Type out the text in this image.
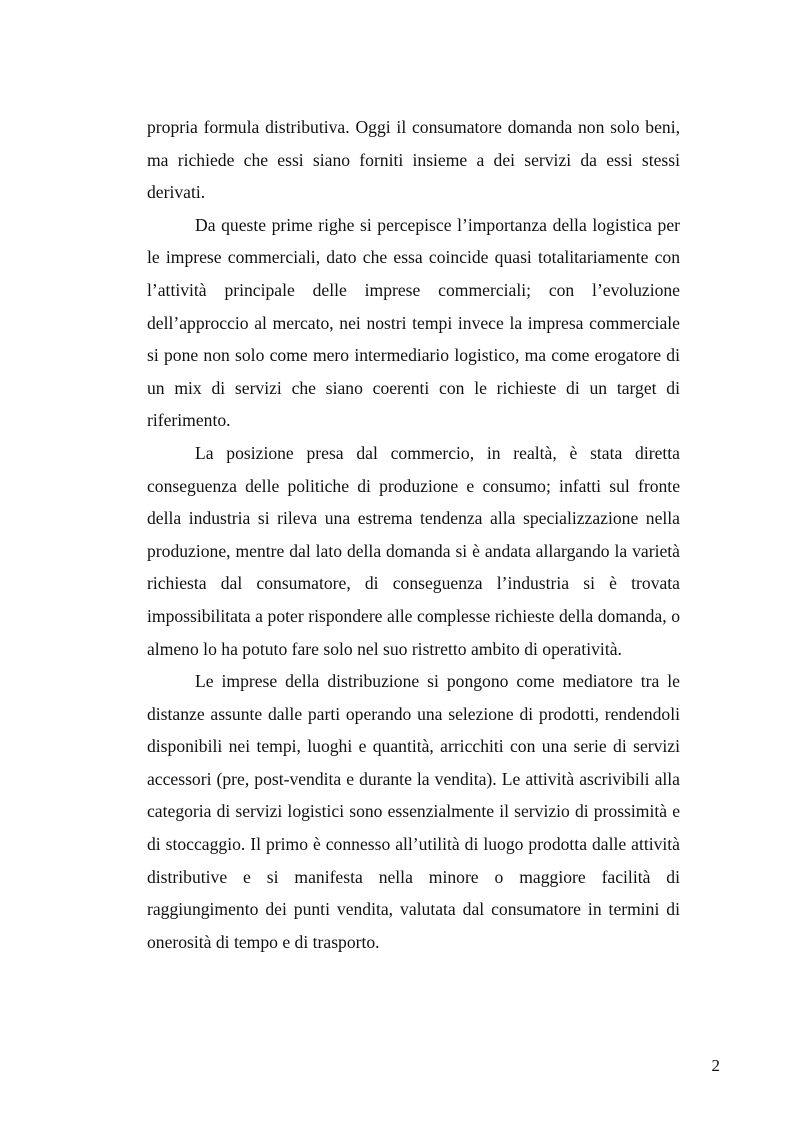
propria formula distributiva. Oggi il consumatore domanda non solo beni, ma richiede che essi siano forniti insieme a dei servizi da essi stessi derivati.

Da queste prime righe si percepisce l’importanza della logistica per le imprese commerciali, dato che essa coincide quasi totalitariamente con l’attività principale delle imprese commerciali; con l’evoluzione dell’approccio al mercato, nei nostri tempi invece la impresa commerciale si pone non solo come mero intermediario logistico, ma come erogatore di un mix di servizi che siano coerenti con le richieste di un target di riferimento.

La posizione presa dal commercio, in realtà, è stata diretta conseguenza delle politiche di produzione e consumo; infatti sul fronte della industria si rileva una estrema tendenza alla specializzazione nella produzione, mentre dal lato della domanda si è andata allargando la varietà richiesta dal consumatore, di conseguenza l’industria si è trovata impossibilitata a poter rispondere alle complesse richieste della domanda, o almeno lo ha potuto fare solo nel suo ristretto ambito di operatività.

Le imprese della distribuzione si pongono come mediatore tra le distanze assunte dalle parti operando una selezione di prodotti, rendendoli disponibili nei tempi, luoghi e quantità, arricchiti con una serie di servizi accessori (pre, post-vendita e durante la vendita). Le attività ascrivibili alla categoria di servizi logistici sono essenzialmente il servizio di prossimità e di stoccaggio. Il primo è connesso all’utilità di luogo prodotta dalle attività distributive e si manifesta nella minore o maggiore facilità di raggiungimento dei punti vendita, valutata dal consumatore in termini di onerosità di tempo e di trasporto.

2
